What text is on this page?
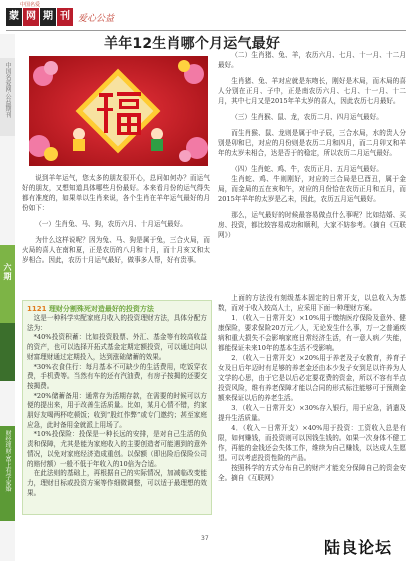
中国名爱
蒙 网 期 刊 爱心公益
中国名爱网·公益期刊
六期
财经理财·富上有学家婚
羊年12生肖哪个月运气最好

说到羊年运气，您太多的朋友很开心，总问如何办？而运气好的朋友，又想知道具体哪些月份最好。本来看月份的运气得失都有准度的，如果单以生肖来说，各个生肖在羊年运气最好的月份如下：

（一）生肖兔、马、狗，农历六月、十月运气最好。

为什么这样说呢？因为兔、马、狗是属于兔，三合火局，而火局的喜人在南和夏，正是农历的八月和十月，而十月亥又和太岁相合。因此，农历十月运气最好，做事多人帮，好有贵事。

1121 理财分割殊死对造最好的投资方法

这是一种科学实配家庭月收入的投资理财方法，具体分配方法为：

*40%投资积蓄：比如投资股票、外汇、基金等有较高收益的资产，也可以选择开拓式基金定期定额投资，可以通过向以财富理财通过定期投入，达到涨础储蓄的效果。

*30%衣食住行：每月基本不可缺少的生活费用，吃饭穿衣费，手机费等。当然有车的还有汽油费，有房子按揭的还要交按揭费。

*20%储蓄备用：通常存为活期存款，在需要的时候可以方便的提出来，用于改善生活质量。比如，某月心情不错，约家朋好友喝两杯吃顿饭；收到“股红作弊”或专门邀约；甚至家庭应急，此时备用金就派上用场了。

*10%投保险：投保是一种长远的安排，是对自己生活的负责和保障，尤其是能为家庭收入的主要创造者可能遇到的意外情况，以免对家庭经济造成重创。以保额（即出险后保险公司的赔付额）一般不低于年收入的10倍为合适。

在此法则的基础上，再根据自己的实际情况，加减临改变能力，理财目标或投资方案等作细微调整，可以适于最理想的效果。

（二）生肖猪、兔、羊，农历六月、七月、十一月、十二月最好。

生肖猪、兔、羊对应就是东吻长，刚好是木局，而木局的喜人分别在正月、子中，正是南农历六月、七月、十一月、十二月，其中七月又是2015年羊太岁的喜人，因此农历七月最好。

（三）生肖猴、鼠、龙，农历二月、四月运气最好。

而生肖猴、鼠、龙则是属于申子辰，三合水局，水的贵人分别是卯和巳，对应的月份则是农历二月和四月，而二月卯又和羊年的太岁未相合，达是否于的稳定，所以农历二月运气最好。

（四）生肖蛇、鸡、牛，农历正月、五月运气最好。

生肖蛇、鸡、牛则刚好，对应的三合局是巳酉丑，属于金局，而金局的五在亥和午，对应的月份恰在农历正月和五月，而2015年羊年的太岁是乙未，因此，农历五月运气最好。

那么，运气最好的时候最容易做点什么事呢？比如结婚、买房、投资，都比较容易成功和顺利，大家不妨参考。（摘自《互联网》）

上面的方法没有刻级基本固定的日常开支，以总收入为基数，而对于收入较高人士，应采用下面一种理财方案。

1．（收入－日常开支）×10%用于缴纳医疗保险及意外、健康保险，要求保险20万元／人，无论发生什么事，万一之普通疾病和重大损失不会影响家庭日常经济生活，有一意人病／失能，都能保证未来10年的基本生活不受影响。

2．（收入－日常开支）×20%用于养老及子女教育，养育子女及日后年迈时有足够的养老金还由本少发子女到足以许养为人文学的心思，由于它是以后必定要花费的资金，所以不容有半点投资风险，维有养老保障才能以合同的形式标注能够可于预测金额来保证以后的养老生活。

3．（收入－日常开支）×30%存入银行，用于应急，消遣及提升生活质量。

4．（收入－日常开支）×40%用于投资：工资收入总是有限，如何赚钱，而投资则可以因钱生钱的。如果一次身体不健工作，再能的金钱还会失体工作，维续为自己赚钱，以达成人生愿望。可以考虑投资性险的产品。

按照科学的方式分布自己的财产才能充分保障自己的资金安全。摘自《互联网》

37	陆良论坛
